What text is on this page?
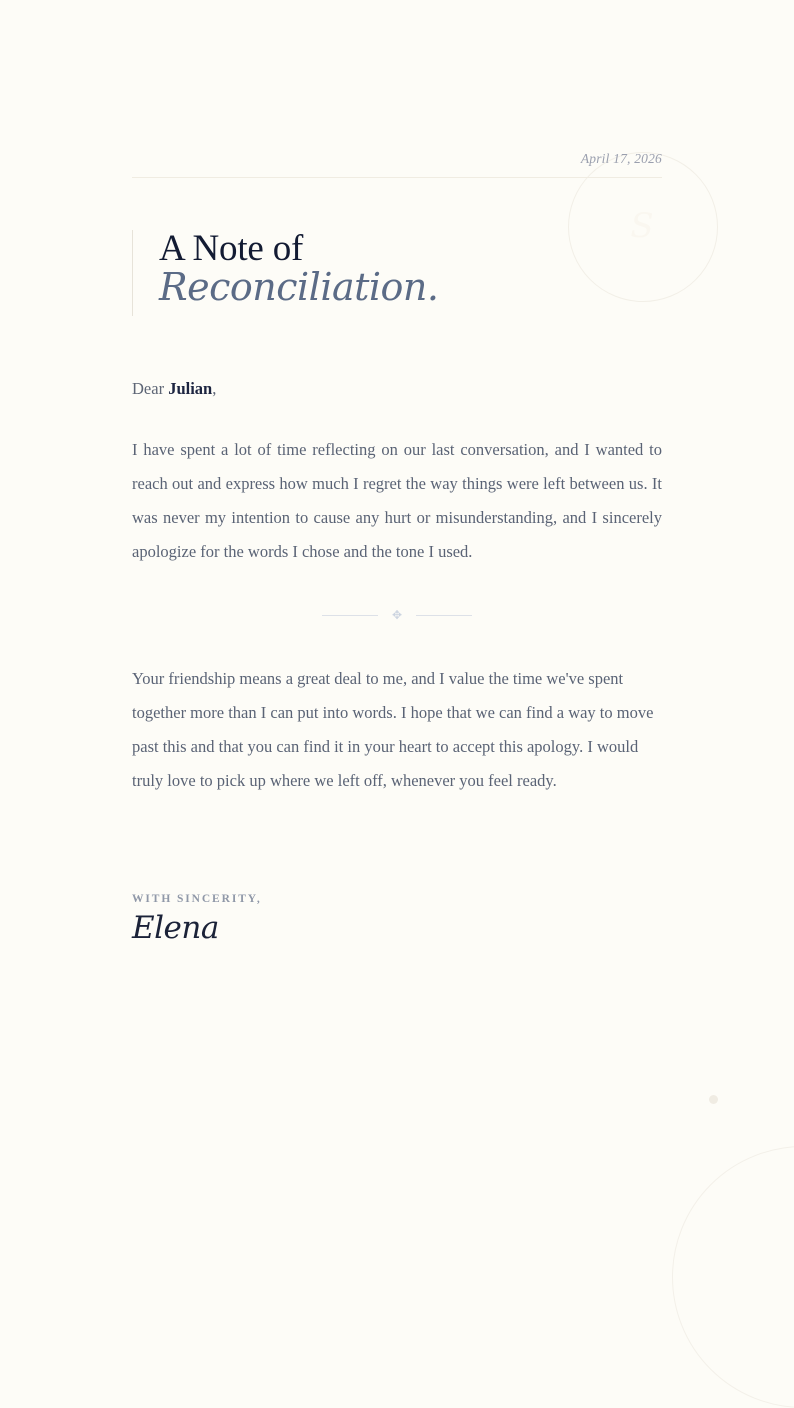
S
April 17, 2026
A Note of
Reconciliation.
Dear Julian,

I have spent a lot of time reflecting on our last conversation, and I wanted to reach out and express how much I regret the way things were left between us. It was never my intention to cause any hurt or misunderstanding, and I sincerely apologize for the words I chose and the tone I used.

✥

Your friendship means a great deal to me, and I value the time we've spent together more than I can put into words. I hope that we can find a way to move past this and that you can find it in your heart to accept this apology. I would truly love to pick up where we left off, whenever you feel ready.

WITH SINCERITY,
Elena
